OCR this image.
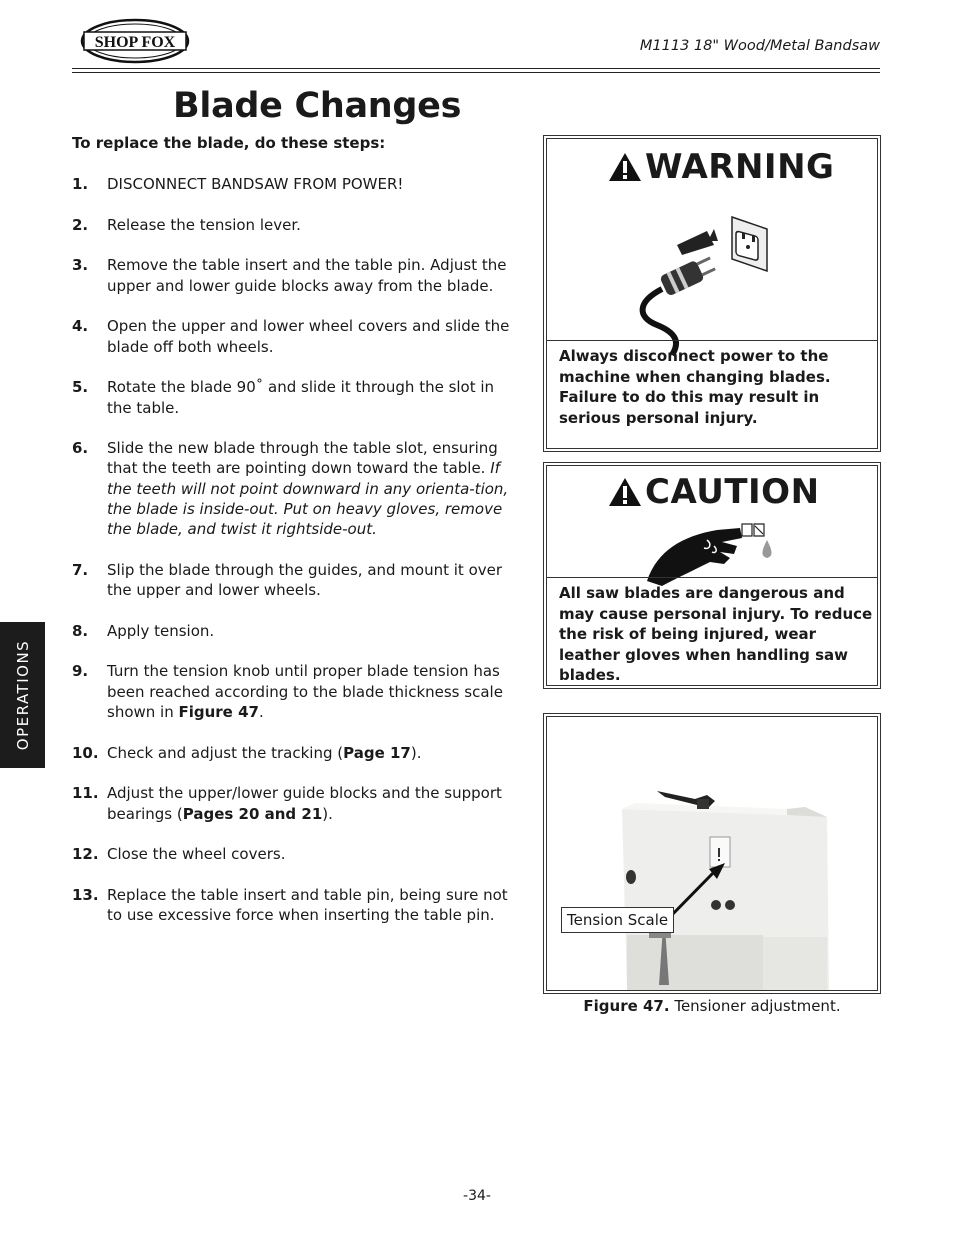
SHOP FOX	M1113 18" Wood/Metal Bandsaw
Blade Changes
OPERATIONS

To replace the blade, do these steps:

1.	DISCONNECT BANDSAW FROM POWER!
2.	Release the tension lever.
3.	Remove the table insert and the table pin. Adjust the upper and lower guide blocks away from the blade.
4.	Open the upper and lower wheel covers and slide the blade off both wheels.
5.	Rotate the blade 90˚ and slide it through the slot in the table.
6.	Slide the new blade through the table slot, ensuring that the teeth are pointing down toward the table. If the teeth will not point downward in any orienta-tion, the blade is inside-out. Put on heavy gloves, remove the blade, and twist it rightside-out.
7.	Slip the blade through the guides, and mount it over the upper and lower wheels.
8.	Apply tension.
9.	Turn the tension knob until proper blade tension has been reached according to the blade thickness scale shown in Figure 47.
10. Check and adjust the tracking (Page 17).
11. Adjust the upper/lower guide blocks and the support bearings (Pages 20 and 21).
12. Close the wheel covers.
13. Replace the table insert and table pin, being sure not to use excessive force when inserting the table pin.
WARNING
Always disconnect power to the machine when changing blades. Failure to do this may result in serious personal injury.
CAUTION
All saw blades are dangerous and may cause personal injury. To reduce the risk of being injured, wear leather gloves when handling saw blades.
Tension Scale
Figure 47. Tensioner adjustment.
-34-
